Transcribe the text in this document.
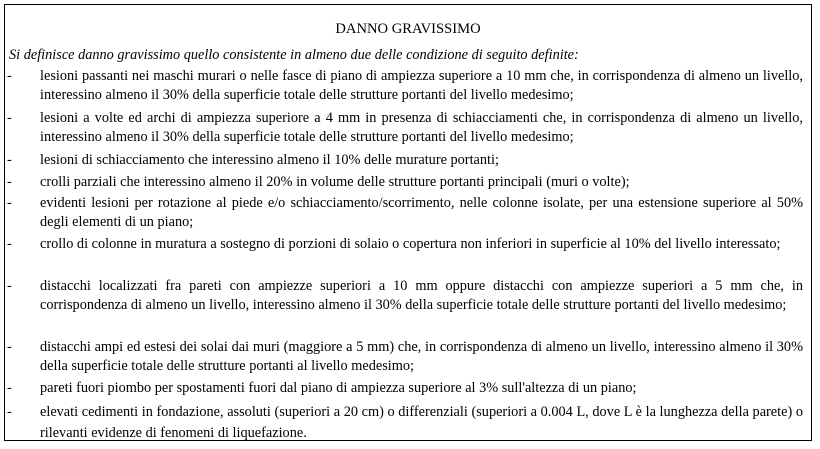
DANNO GRAVISSIMO
Si definisce danno gravissimo quello consistente in almeno due delle condizione di seguito definite:
-	lesioni passanti nei maschi murari o nelle fasce di piano di ampiezza superiore a 10 mm che, in corrispondenza di almeno un livello, interessino almeno il 30% della superficie totale delle strutture portanti del livello medesimo;
-	lesioni a volte ed archi di ampiezza superiore a 4 mm in presenza di schiacciamenti che, in corrispondenza di almeno un livello, interessino almeno il 30% della superficie totale delle strutture portanti del livello medesimo;
-	lesioni di schiacciamento che interessino almeno il 10% delle murature portanti;
-	crolli parziali che interessino almeno il 20% in volume delle strutture portanti principali (muri o volte);
-	evidenti lesioni per rotazione al piede e/o schiacciamento/scorrimento, nelle colonne isolate, per una estensione superiore al 50% degli elementi di un piano;
-	crollo di colonne in muratura a sostegno di porzioni di solaio o copertura non inferiori in superficie al 10% del livello interessato;
-	distacchi localizzati fra pareti con ampiezze superiori a 10 mm oppure distacchi con ampiezze superiori a 5 mm che, in corrispondenza di almeno un livello, interessino almeno il 30% della superficie totale delle strutture portanti del livello medesimo;
-	distacchi ampi ed estesi dei solai dai muri (maggiore a 5 mm) che, in corrispondenza di almeno un livello, interessino almeno il 30% della superficie totale delle strutture portanti al livello medesimo;
-	pareti fuori piombo per spostamenti fuori dal piano di ampiezza superiore al 3% sull'altezza di un piano;
-	elevati cedimenti in fondazione, assoluti (superiori a 20 cm) o differenziali (superiori a 0.004 L, dove L è la lunghezza della parete) o rilevanti evidenze di fenomeni di liquefazione.
